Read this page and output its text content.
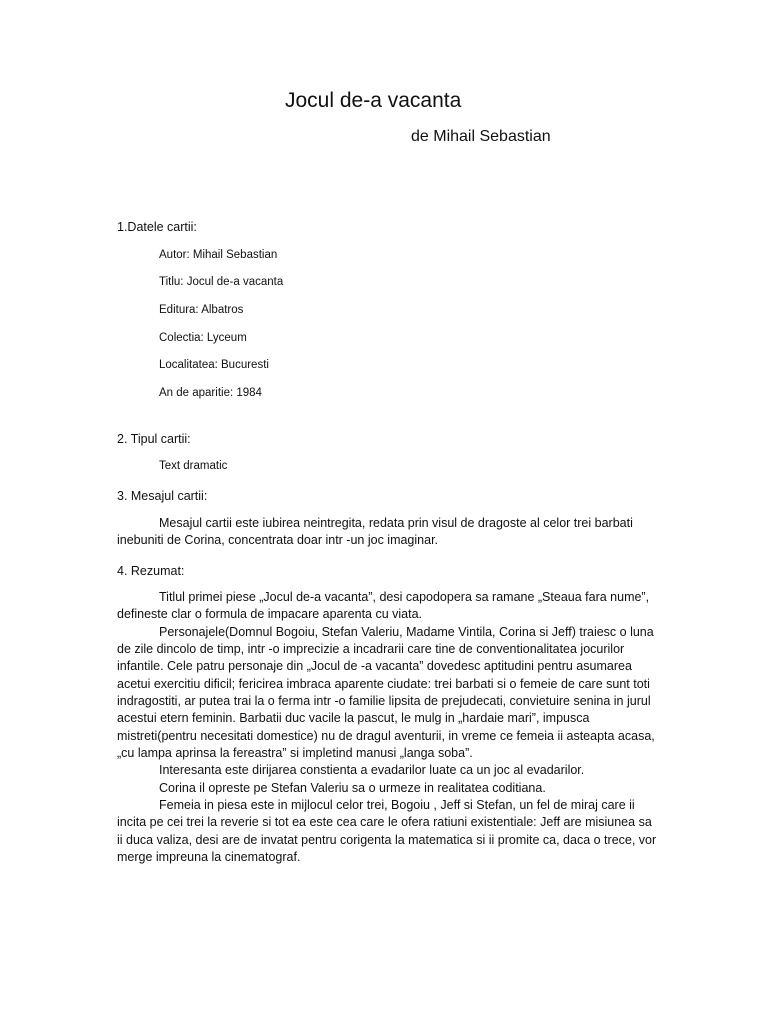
Jocul de-a vacanta
de Mihail Sebastian
1.Datele cartii:
Autor: Mihail Sebastian
Titlu: Jocul de-a vacanta
Editura: Albatros
Colectia: Lyceum
Localitatea: Bucuresti
An de aparitie: 1984
2. Tipul cartii:
Text dramatic
3. Mesajul cartii:

Mesajul cartii este iubirea neintregita, redata prin visul de dragoste al celor trei barbati inebuniti de Corina, concentrata doar intr -un joc imaginar.

4. Rezumat:

Titlul primei piese „Jocul de-a vacanta”, desi capodopera sa ramane „Steaua fara nume”, defineste clar o formula de impacare aparenta cu viata.

Personajele(Domnul Bogoiu, Stefan Valeriu, Madame Vintila, Corina si Jeff) traiesc o luna de zile dincolo de timp, intr -o imprecizie a incadrarii care tine de conventionalitatea jocurilor infantile. Cele patru personaje din „Jocul de -a vacanta” dovedesc aptitudini pentru asumarea acetui exercitiu dificil; fericirea imbraca aparente ciudate: trei barbati si o femeie de care sunt toti indragostiti, ar putea trai la o ferma intr -o familie lipsita de prejudecati, convietuire senina in jurul acestui etern feminin. Barbatii duc vacile la pascut, le mulg in „hardaie mari”, impusca mistreti(pentru necesitati domestice) nu de dragul aventurii, in vreme ce femeia ii asteapta acasa, „cu lampa aprinsa la fereastra” si impletind manusi „langa soba”.

Interesanta este dirijarea constienta a evadarilor luate ca un joc al evadarilor.

Corina il opreste pe Stefan Valeriu sa o urmeze in realitatea coditiana.

Femeia in piesa este in mijlocul celor trei, Bogoiu , Jeff si Stefan, un fel de miraj care ii incita pe cei trei la reverie si tot ea este cea care le ofera ratiuni existentiale: Jeff are misiunea sa ii duca valiza, desi are de invatat pentru corigenta la matematica si ii promite ca, daca o trece, vor merge impreuna la cinematograf.
